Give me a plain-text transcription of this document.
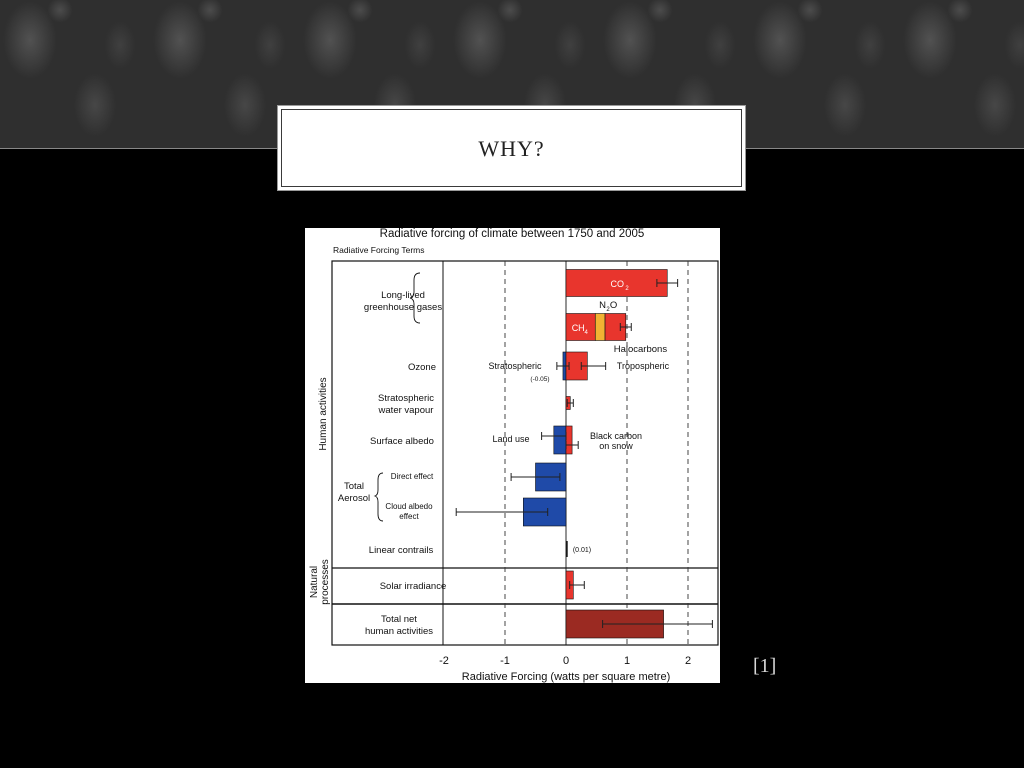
WHY?
Radiative forcing of climate between 1750 and 2005
Radiative Forcing Terms
-2	-1	0	1	2
Radiative Forcing (watts per square metre)
Human activities
Natural processes
Long-lived
greenhouse gases
Ozone
Stratospheric
water vapour
Surface albedo
Total
Aerosol
Linear contrails
Solar irradiance
Total net
human activities
Direct effect
Cloud albedo
effect
CO 2
CH 4
N 2 O
Halocarbons
Stratospheric
(-0.05)
Tropospheric
Land use	Black carbon
on snow
(0.01)
[1]
